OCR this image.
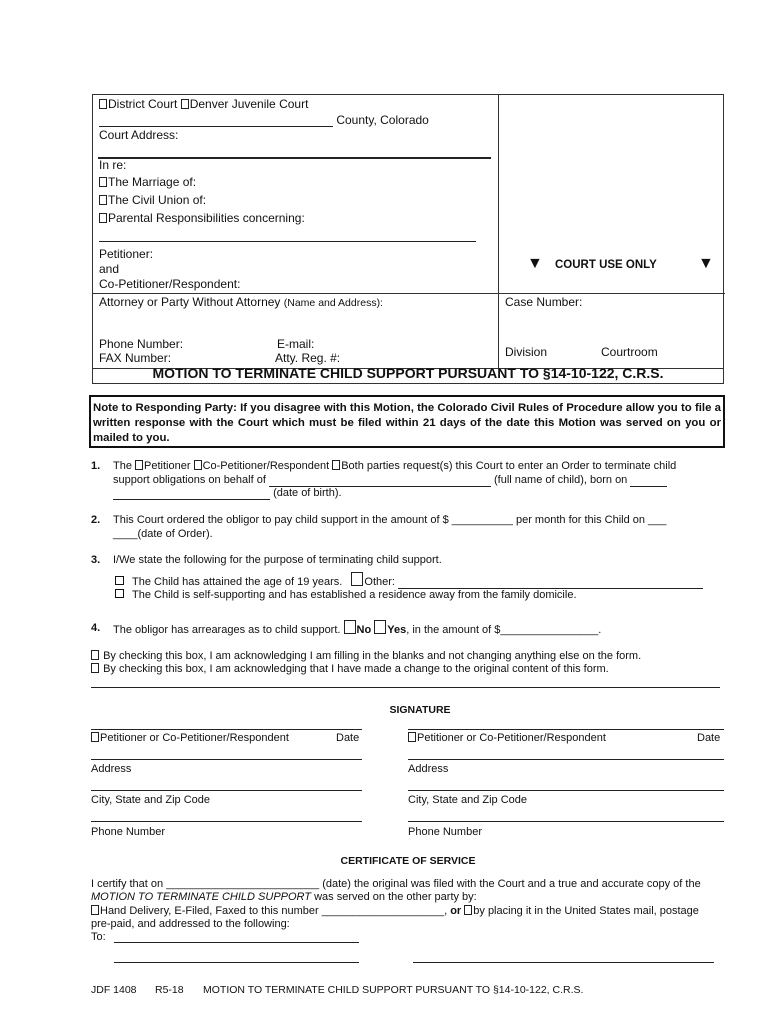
District Court Denver Juvenile Court
County, Colorado
Court Address:
In re:
The Marriage of:
The Civil Union of:
Parental Responsibilities concerning:
Petitioner:
and
Co-Petitioner/Respondent:
▼ COURT USE ONLY	▼
Attorney or Party Without Attorney (Name and Address):	Case Number:
Phone Number:	E-mail:
FAX Number:	Atty. Reg. #:	Division	Courtroom
MOTION TO TERMINATE CHILD SUPPORT PURSUANT TO §14-10-122, C.R.S.
Note to Responding Party: If you disagree with this Motion, the Colorado Civil Rules of Procedure allow you to file a written response with the Court which must be filed within 21 days of the date this Motion was served on you or mailed to you.
1. The Petitioner Co-Petitioner/Respondent Both parties request(s) this Court to enter an Order to terminate child
support obligations on behalf of	(full name of child), born on
(date of birth).
2. This Court ordered the obligor to pay child support in the amount of $ __________ per month for this Child on ___
____(date of Order).
3. I/We state the following for the purpose of terminating child support.
The Child has attained the age of 19 years. Other:
The Child is self-supporting and has established a residence away from the family domicile.
4. The obligor has arrearages as to child support. No Yes, in the amount of $________________.
By checking this box, I am acknowledging I am filling in the blanks and not changing anything else on the form.
By checking this box, I am acknowledging that I have made a change to the original content of this form.
SIGNATURE
Petitioner or Co-Petitioner/Respondent	Date	Petitioner or Co-Petitioner/Respondent	Date
Address	Address
City, State and Zip Code	City, State and Zip Code
Phone Number	Phone Number
CERTIFICATE OF SERVICE
I certify that on _________________________ (date) the original was filed with the Court and a true and accurate copy of the
MOTION TO TERMINATE CHILD SUPPORT was served on the other party by:
Hand Delivery, E-Filed, Faxed to this number ____________________, or by placing it in the United States mail, postage
pre-paid, and addressed to the following:
To:
JDF 1408 R5-18 MOTION TO TERMINATE CHILD SUPPORT PURSUANT TO §14-10-122, C.R.S.
